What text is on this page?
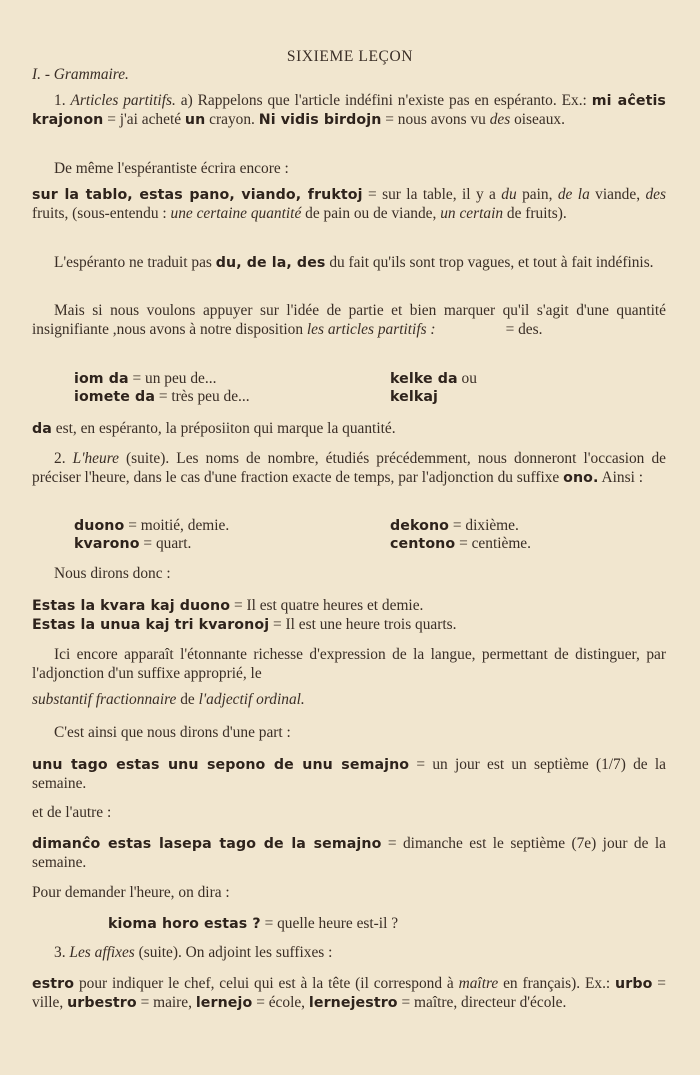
SIXIEME LEÇON
I. - Grammaire.

1. Articles partitifs. a) Rappelons que l'article indéfini n'existe pas en espéranto. Ex.: mi aĉetis krajonon = j'ai acheté un crayon. Ni vidis birdojn = nous avons vu des oiseaux.

De même l'espérantiste écrira encore :

sur la tablo, estas pano, viando, fruktoj = sur la table, il y a du pain, de la viande, des fruits, (sous-entendu : une certaine quantité de pain ou de viande, un certain de fruits).

L'espéranto ne traduit pas du, de la, des du fait qu'ils sont trop vagues, et tout à fait indéfinis.

Mais si nous voulons appuyer sur l'idée de partie et bien marquer qu'il s'agit d'une quantité insignifiante ,nous avons à notre disposition les articles partitifs :	= des.

iom da = un peu de...	kelke da ou
iomete da = très peu de...	kelkaj

da est, en espéranto, la préposiiton qui marque la quantité.

2. L'heure (suite). Les noms de nombre, étudiés précédemment, nous donneront l'occasion de préciser l'heure, dans le cas d'une fraction exacte de temps, par l'adjonction du suffixe ono. Ainsi :

duono = moitié, demie.	dekono = dixième.
kvarono = quart.	centono = centième.

Nous dirons donc :

Estas la kvara kaj duono = Il est quatre heures et demie.

Estas la unua kaj tri kvaronoj = Il est une heure trois quarts.

Ici encore apparaît l'étonnante richesse d'expression de la langue, permettant de distinguer, par l'adjonction d'un suffixe approprié, le
substantif fractionnaire de l'adjectif ordinal.

C'est ainsi que nous dirons d'une part :

unu tago estas unu sepono de unu semajno = un jour est un septième (1/7) de la semaine.

et de l'autre :

dimanĉo estas lasepa tago de la semajno = dimanche est le septième (7e) jour de la semaine.

Pour demander l'heure, on dira :

kioma horo estas ? = quelle heure est-il ?

3. Les affixes (suite). On adjoint les suffixes :

estro pour indiquer le chef, celui qui est à la tête (il correspond à maître en français). Ex.: urbo = ville, urbestro = maire, lernejo = école, lernejestro = maître, directeur d'école.
